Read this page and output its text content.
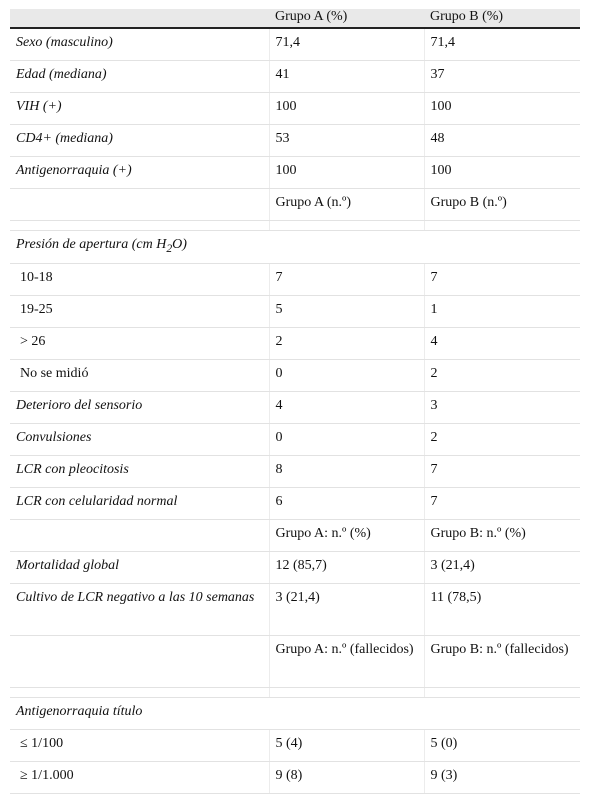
	Grupo A (%)	Grupo B (%)
Sexo (masculino)	71,4	71,4
Edad (mediana)	41	37
VIH (+)	100	100
CD4+ (mediana)	53	48
Antigenorraquia (+)	100	100
	Grupo A (n.º)	Grupo B (n.º)

Presión de apertura (cm $H_2O$)		
10-18	7	7
19-25	5	1
> 26	2	4
No se midió	0	2
Deterioro del sensorio	4	3
Convulsiones	0	2
LCR con pleocitosis	8	7
LCR con celularidad normal	6	7
	Grupo A: n.º (%)	Grupo B: n.º (%)
Mortalidad global	12 (85,7)	3 (21,4)
Cultivo de LCR negativo a las 10 semanas	3 (21,4)	11 (78,5)
	Grupo A: n.º (fallecidos)	Grupo B: n.º (fallecidos)

Antigenorraquia título		
≤ 1/100	5 (4)	5 (0)
≥ 1/1.000	9 (8)	9 (3)
